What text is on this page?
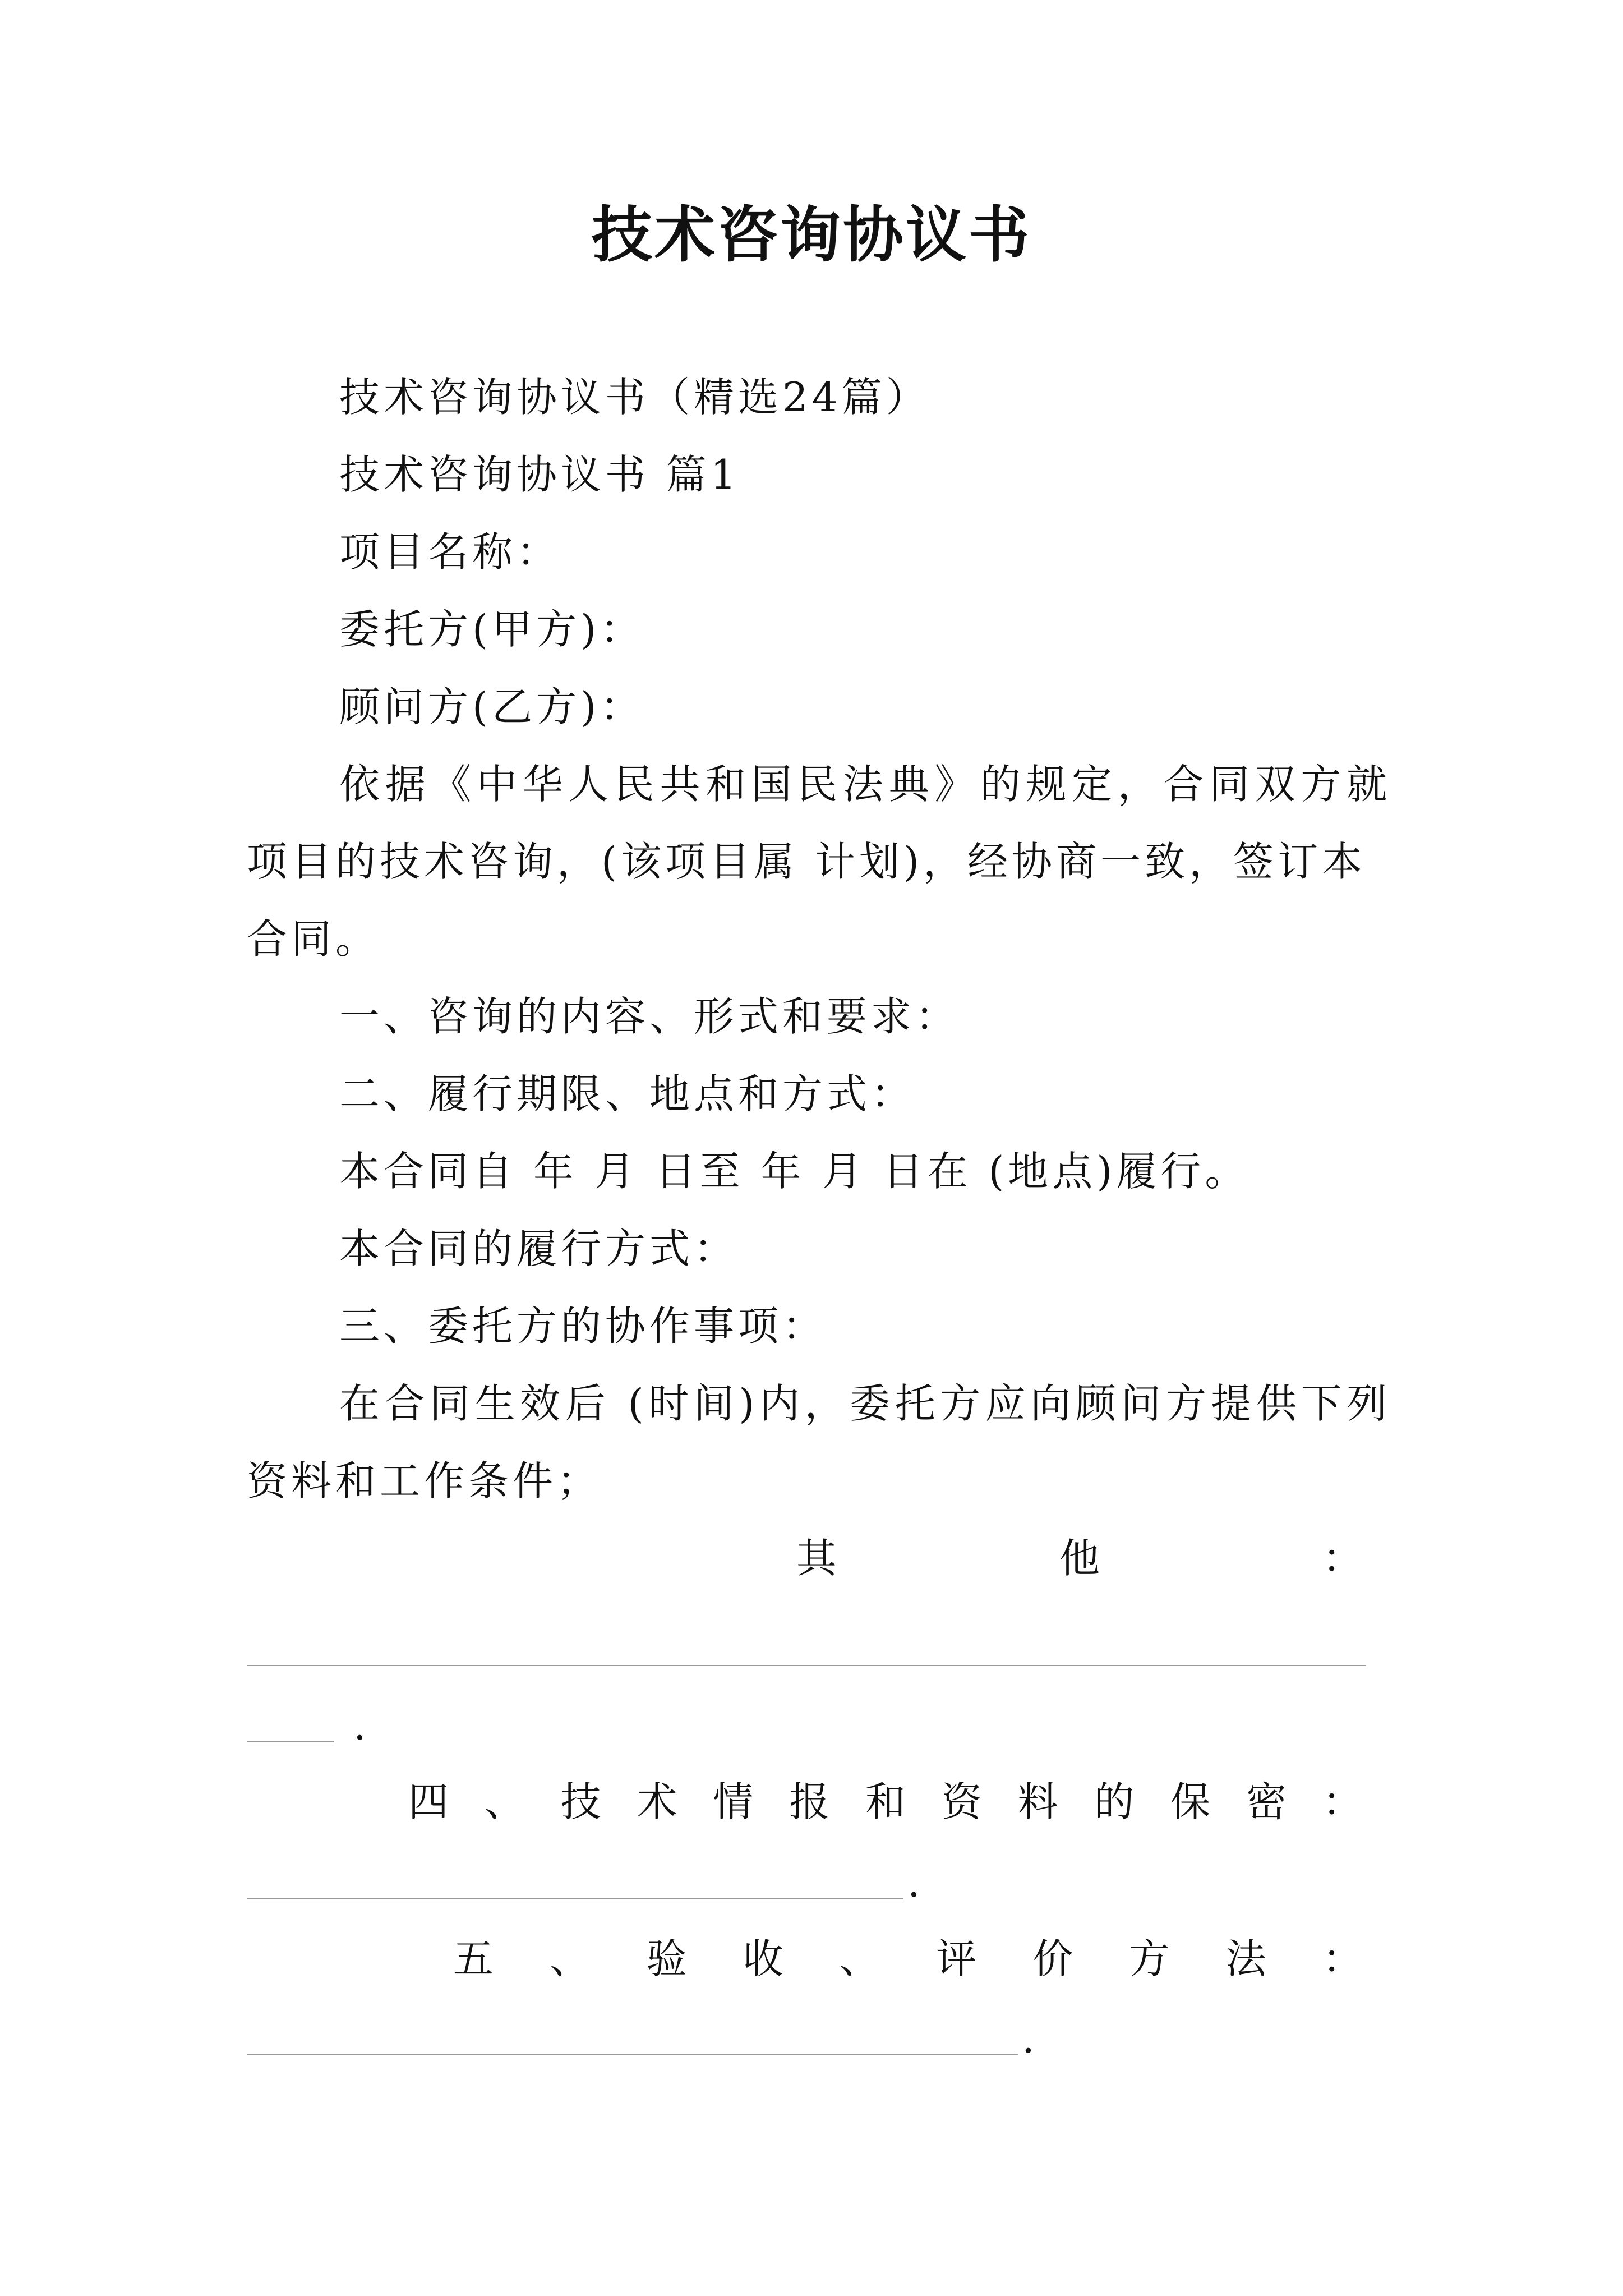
技术咨询协议书
技术咨询协议书（精选24篇）
技术咨询协议书 篇1
项目名称：
委托方(甲方)：
顾问方(乙方)：
依据《中华人民共和国民法典》的规定，合同双方就
项目的技术咨询，(该项目属 计划)，经协商一致，签订本
合同。
一、咨询的内容、形式和要求：
二、履行期限、地点和方式：
本合同自 年 月 日至 年 月 日在 (地点)履行。
本合同的履行方式：
三、委托方的协作事项：
在合同生效后 (时间)内，委托方应向顾问方提供下列
资料和工作条件；
其	他	：
.
四 、 技 术 情 报 和 资 料 的 保 密 ：
.
五 、 验 收 、 评 价 方 法 ：
.
